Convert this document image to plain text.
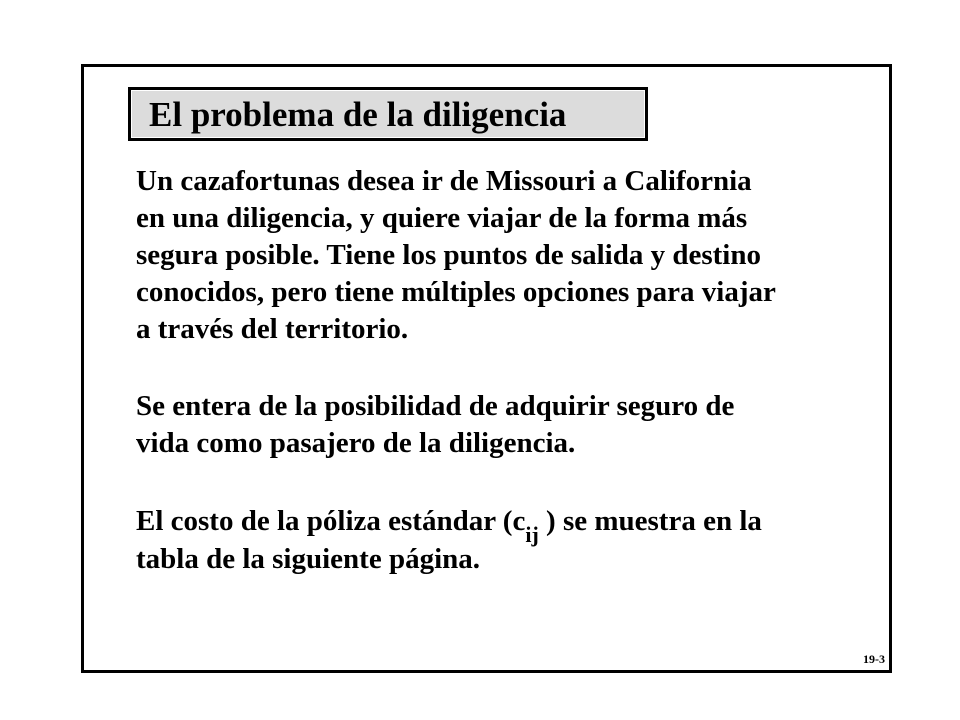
El problema de la diligencia
Un cazafortunas desea ir de Missouri a California
en una diligencia, y quiere viajar de la forma más
segura posible. Tiene los puntos de salida y destino
conocidos, pero tiene múltiples opciones para viajar
a través del territorio.
Se entera de la posibilidad de adquirir seguro de
vida como pasajero de la diligencia.
El costo de la póliza estándar ($c_{ij}$ ) se muestra en la
tabla de la siguiente página.
19-3
